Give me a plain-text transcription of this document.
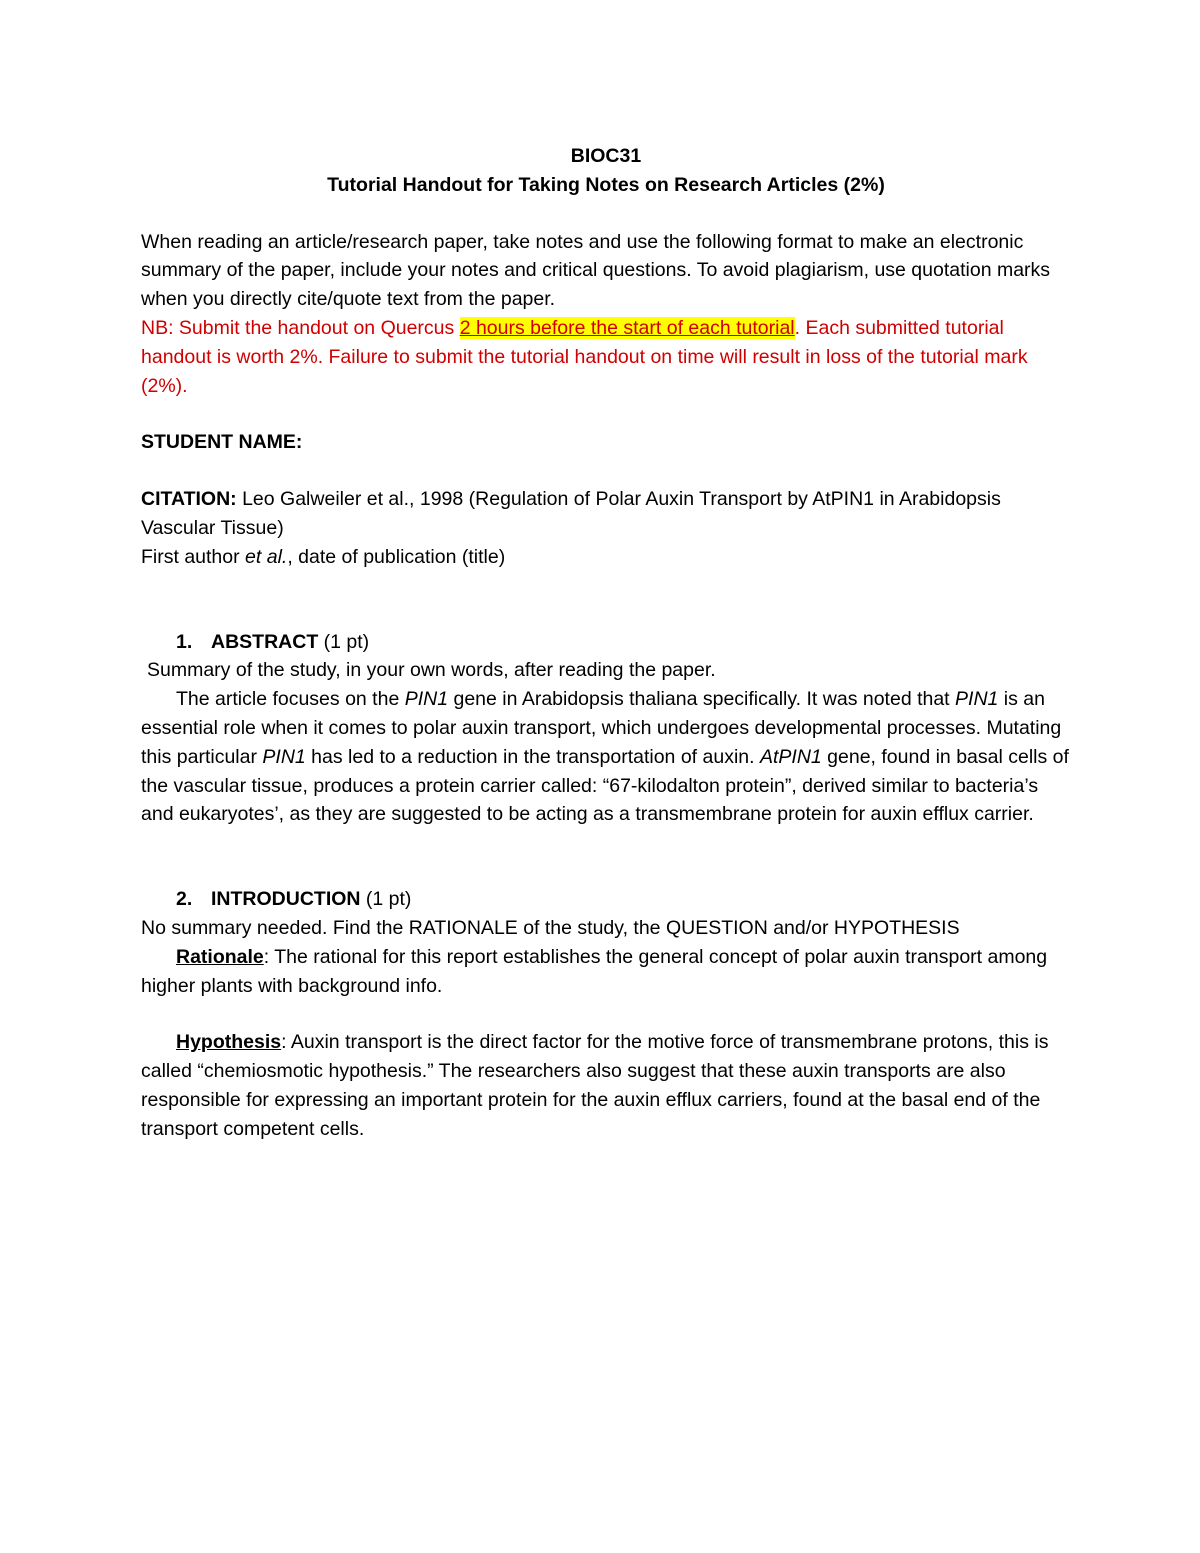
BIOC31

Tutorial Handout for Taking Notes on Research Articles (2%)

When reading an article/research paper, take notes and use the following format to make an electronic summary of the paper, include your notes and critical questions. To avoid plagiarism, use quotation marks when you directly cite/quote text from the paper.

NB: Submit the handout on Quercus 2 hours before the start of each tutorial. Each submitted tutorial handout is worth 2%. Failure to submit the tutorial handout on time will result in loss of the tutorial mark (2%).

STUDENT NAME:

CITATION: Leo Galweiler et al., 1998 (Regulation of Polar Auxin Transport by AtPIN1 in Arabidopsis Vascular Tissue)

First author et al., date of publication (title)

1. ABSTRACT (1 pt)

Summary of the study, in your own words, after reading the paper.

The article focuses on the PIN1 gene in Arabidopsis thaliana specifically. It was noted that PIN1 is an essential role when it comes to polar auxin transport, which undergoes developmental processes. Mutating this particular PIN1 has led to a reduction in the transportation of auxin. AtPIN1 gene, found in basal cells of the vascular tissue, produces a protein carrier called: “67-kilodalton protein”, derived similar to bacteria’s and eukaryotes’, as they are suggested to be acting as a transmembrane protein for auxin efflux carrier.

2. INTRODUCTION (1 pt)

No summary needed. Find the RATIONALE of the study, the QUESTION and/or HYPOTHESIS

Rationale: The rational for this report establishes the general concept of polar auxin transport among higher plants with background info.

Hypothesis: Auxin transport is the direct factor for the motive force of transmembrane protons, this is called “chemiosmotic hypothesis.” The researchers also suggest that these auxin transports are also responsible for expressing an important protein for the auxin efflux carriers, found at the basal end of the transport competent cells.
